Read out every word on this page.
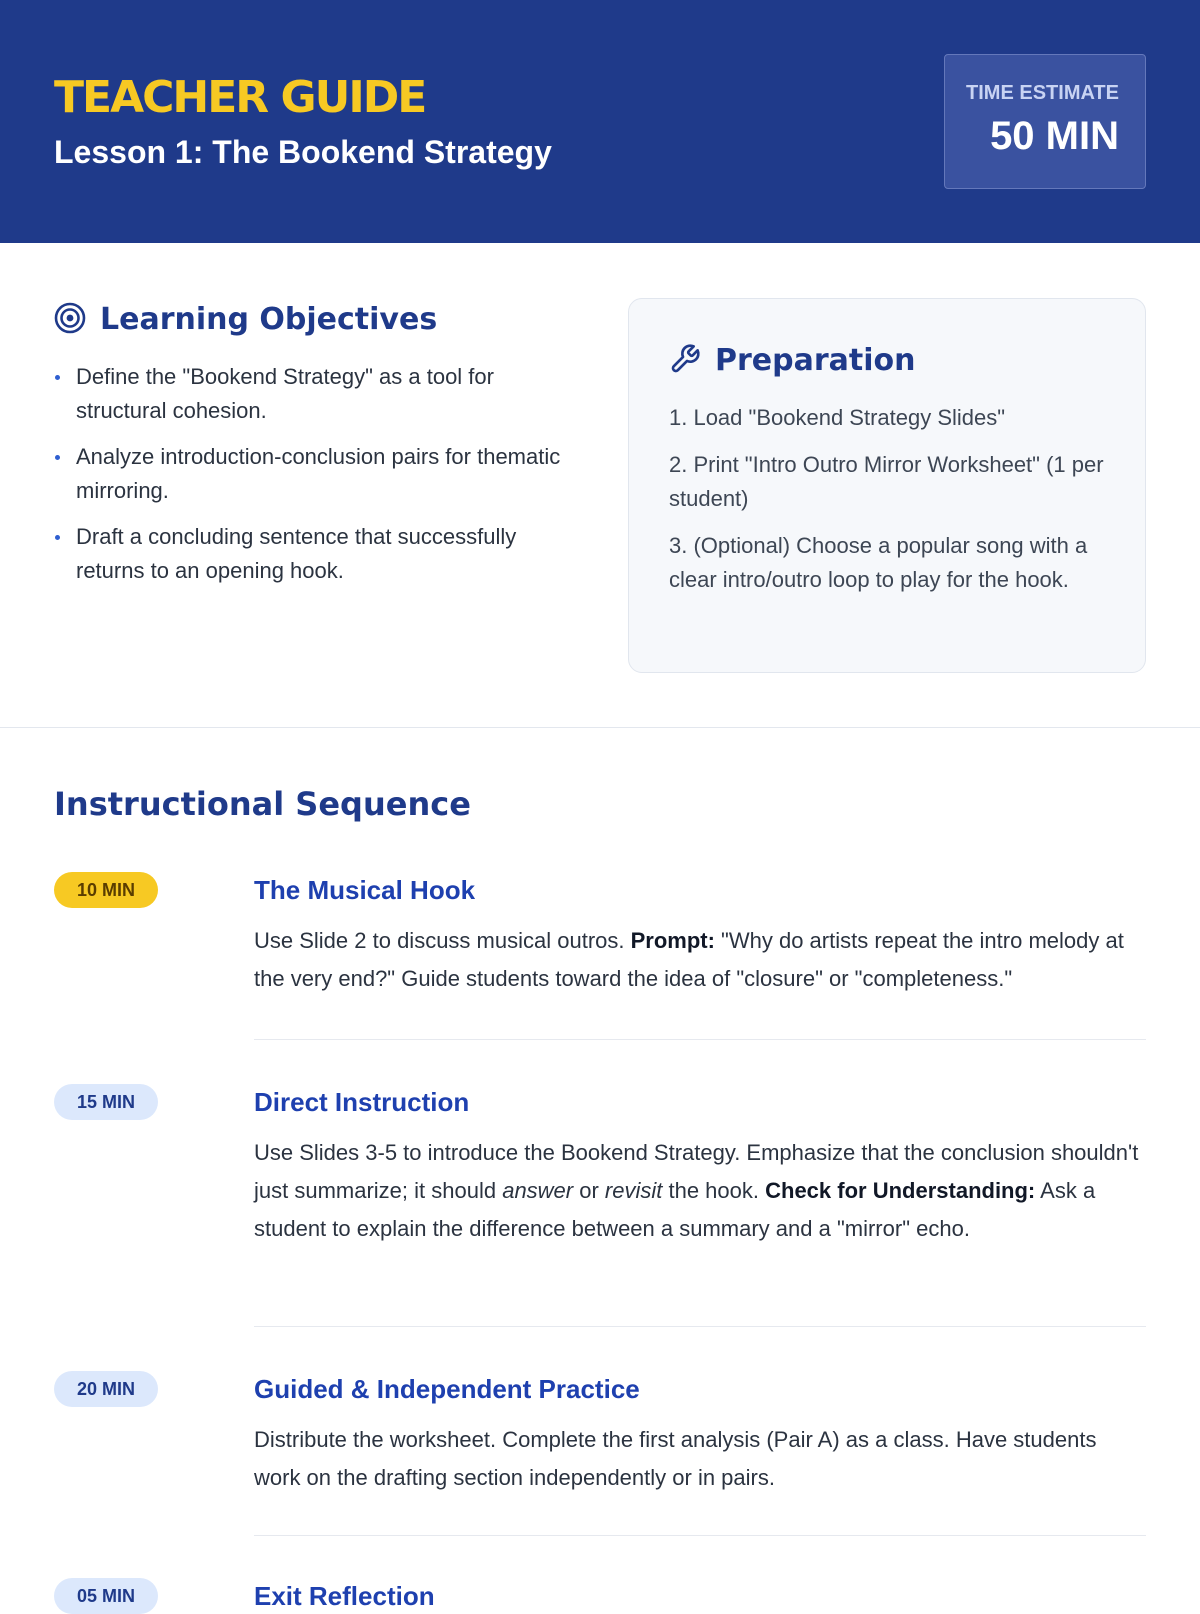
TEACHER GUIDE
Lesson 1: The Bookend Strategy
TIME ESTIMATE
50 MIN
Learning Objectives
Define the "Bookend Strategy" as a tool for structural cohesion.
Analyze introduction-conclusion pairs for thematic mirroring.
Draft a concluding sentence that successfully returns to an opening hook.
Preparation
1. Load "Bookend Strategy Slides"
2. Print "Intro Outro Mirror Worksheet" (1 per student)
3. (Optional) Choose a popular song with a clear intro/outro loop to play for the hook.
Instructional Sequence
10 MIN	The Musical Hook

Use Slide 2 to discuss musical outros. Prompt: "Why do artists repeat the intro melody at the very end?" Guide students toward the idea of "closure" or "completeness."

15 MIN	Direct Instruction

Use Slides 3-5 to introduce the Bookend Strategy. Emphasize that the conclusion shouldn't just summarize; it should answer or revisit the hook. Check for Understanding: Ask a student to explain the difference between a summary and a "mirror" echo.

20 MIN	Guided & Independent Practice

Distribute the worksheet. Complete the first analysis (Pair A) as a class. Have students work on the drafting section independently or in pairs.

05 MIN	Exit Reflection
